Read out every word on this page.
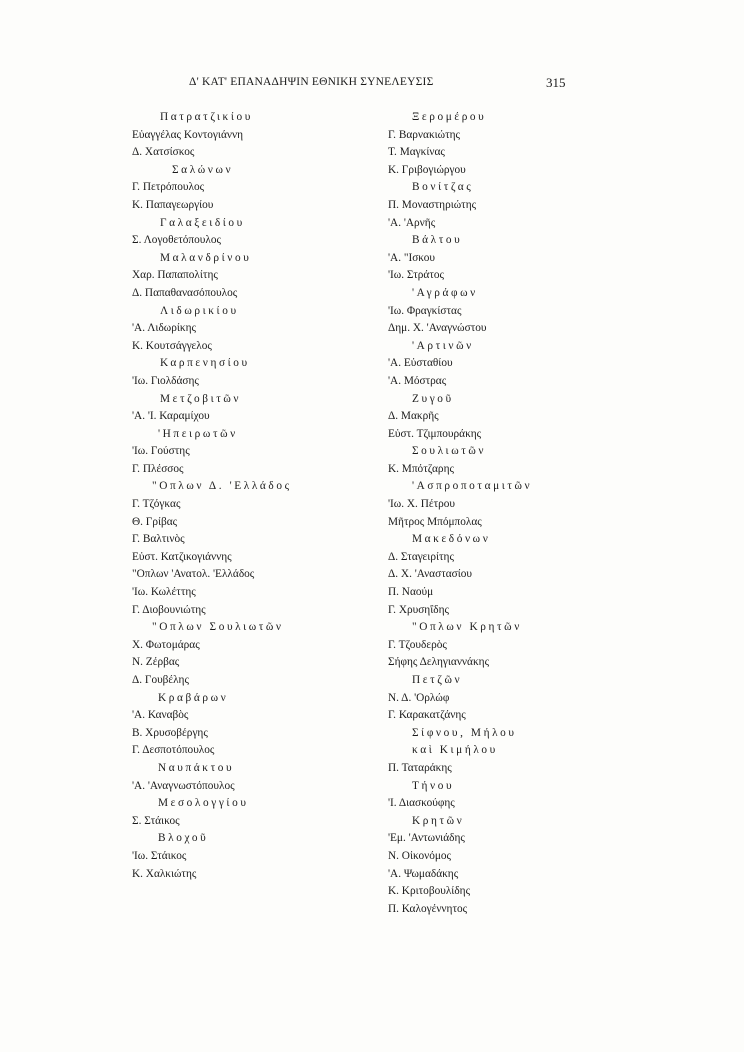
Δ' ΚΑΤ' ΕΠΑΝΑΔΗΨΙΝ ΕΘΝΙΚΗ ΣΥΝΕΛΕΥΣΙΣ	315
Πατρατζικίου
Εὐαγγέλας Κοντογιάννη
Δ. Χατσίσκος
Σαλώνων
Γ. Πετρόπουλος
Κ. Παπαγεωργίου
Γαλαξειδίου
Σ. Λογοθετόπουλος
Μαλανδρίνου
Χαρ. Παπαπολίτης
Δ. Παπαθανασόπουλος
Λιδωρικίου
'Α. Λιδωρίκης
Κ. Κουτσάγγελος
Καρπενησίου
'Ιω. Γιολδάσης
Μετζοβιτῶν
'Α. 'Ι. Καραμίχου
'Ηπειρωτῶν
'Ιω. Γούστης
Γ. Πλέσσος
"Οπλων Δ. 'Ελλάδος
Γ. Τζόγκας
Θ. Γρίβας
Γ. Βαλτινὸς
Εὐστ. Κατζικογιάννης
"Οπλων 'Ανατολ. 'Ελλάδος
'Ιω. Κωλέττης
Γ. Διοβουνιώτης
"Οπλων Σουλιωτῶν
Χ. Φωτομάρας
Ν. Ζέρβας
Δ. Γουβέλης
Κραβάρων
'Α. Καναβὸς
Β. Χρυσοβέργης
Γ. Δεσποτόπουλος
Ναυπάκτου
'Α. 'Αναγνωστόπουλος
Μεσολογγίου
Σ. Στάικος
Βλοχοῦ
'Ιω. Στάικος
Κ. Χαλκιώτης
Ξερομέρου
Γ. Βαρνακιώτης
Τ. Μαγκίνας
Κ. Γριβογιώργου
Βονίτζας
Π. Μοναστηριώτης
'Α. 'Αρνῆς
Βάλτου
'Α. "Ισκου
'Ιω. Στράτος
'Αγράφων
'Ιω. Φραγκίστας
Δημ. Χ. 'Αναγνώστου
'Αρτινῶν
'Α. Εὐσταθίου
'Α. Μόστρας
Ζυγοῦ
Δ. Μακρῆς
Εὐστ. Τζιμπουράκης
Σουλιωτῶν
Κ. Μπότζαρης
'Ασπροποταμιτῶν
'Ιω. Χ. Πέτρου
Μῆτρος Μπόμπολας
Μακεδόνων
Δ. Σταγειρίτης
Δ. Χ. 'Αναστασίου
Π. Ναούμ
Γ. Χρυσηΐδης
"Οπλων Κρητῶν
Γ. Τζουδερὸς
Σήφης Δεληγιαννάκης
Πετζῶν
Ν. Δ. 'Ορλώφ
Γ. Καρακατζάνης
Σίφνου, Μήλου
καὶ Κιμήλου
Π. Ταταράκης
Τήνου
'Ι. Διασκούφης
Κρητῶν
'Εμ. 'Αντωνιάδης
Ν. Οἰκονόμος
'Α. Ψωμαδάκης
Κ. Κριτοβουλίδης
Π. Καλογέννητος
